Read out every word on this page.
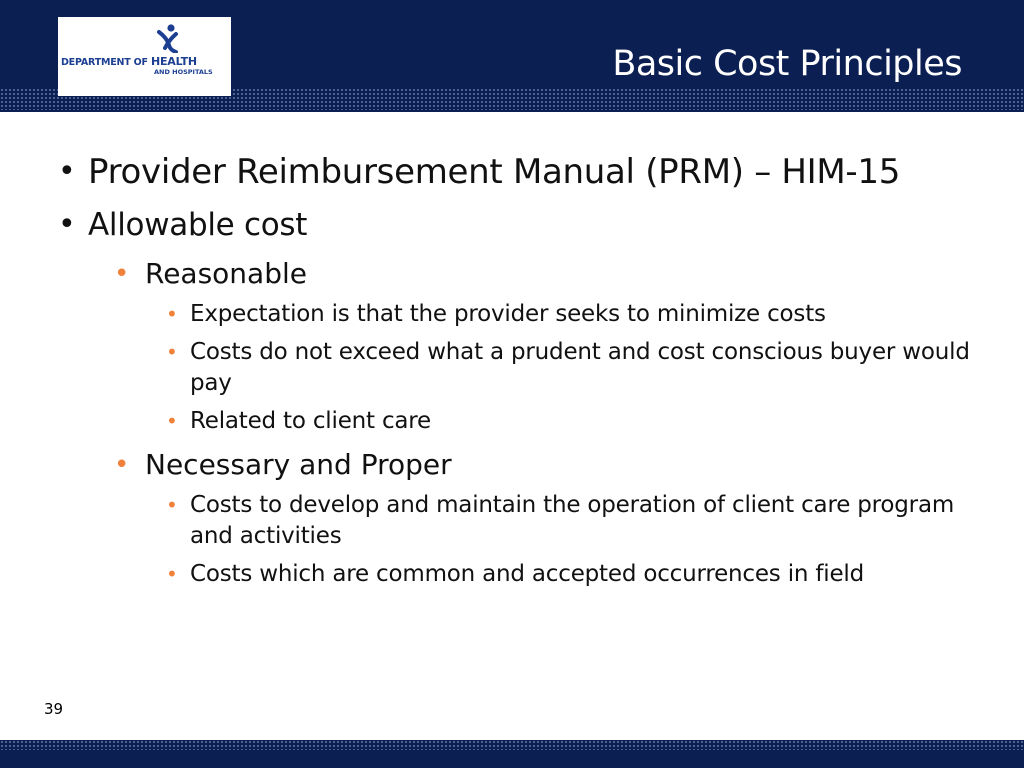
DEPARTMENT OF HEALTH
AND HOSPITALS	Basic Cost Principles
• Provider Reimbursement Manual (PRM) – HIM-15
• Allowable cost
• Reasonable
• Expectation is that the provider seeks to minimize costs
• Costs do not exceed what a prudent and cost conscious buyer would pay
• Related to client care
• Necessary and Proper
• Costs to develop and maintain the operation of client care program and activities
• Costs which are common and accepted occurrences in field
39
